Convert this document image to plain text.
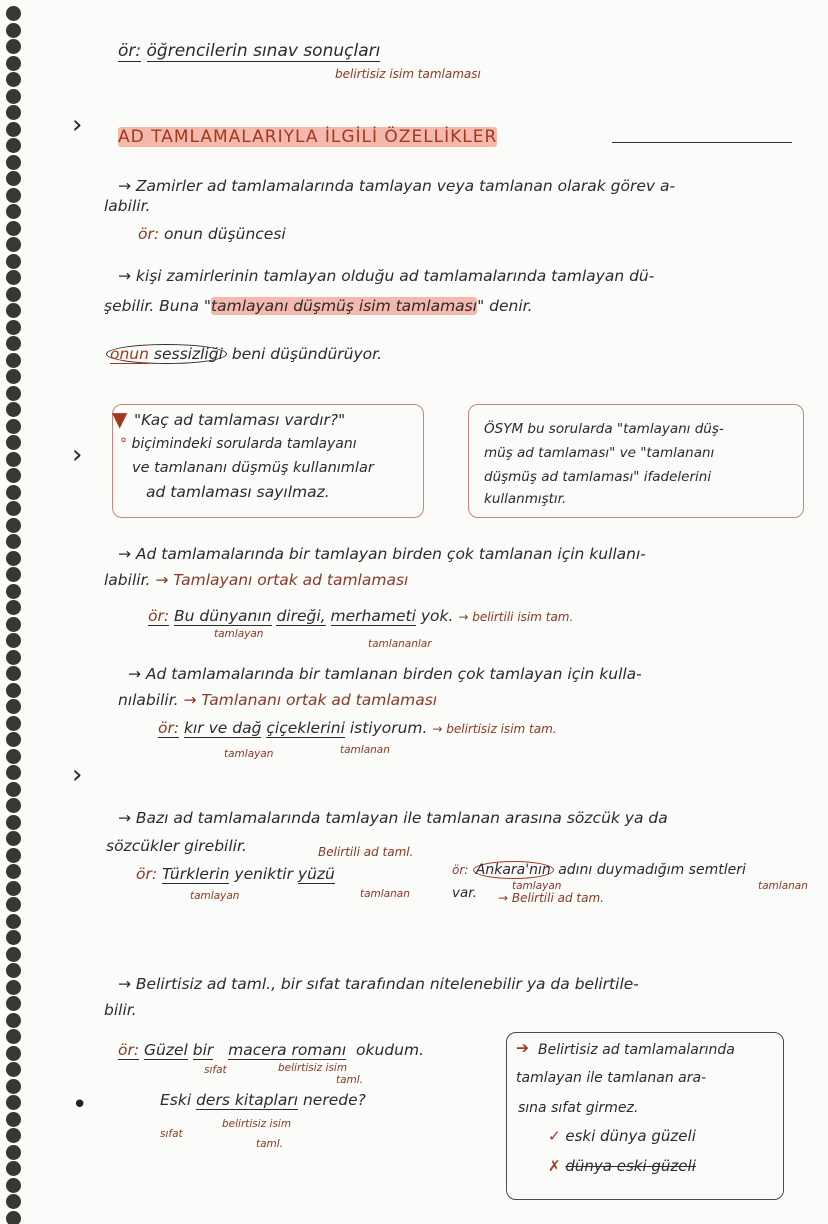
›
›
›
•
ör: öğrencilerin sınav sonuçları
belirtisiz isim tamlaması
AD TAMLAMALARIYLA İLGİLİ ÖZELLİKLER
→ Zamirler ad tamlamalarında tamlayan veya tamlanan olarak görev a-
labilir.
ör: onun düşüncesi
→ kişi zamirlerinin tamlayan olduğu ad tamlamalarında tamlayan dü-
şebilir. Buna "tamlayanı düşmüş isim tamlaması" denir.
onun sessizliği beni düşündürüyor.
▼ "Kaç ad tamlaması vardır?"
° biçimindeki sorularda tamlayanı
ve tamlananı düşmüş kullanımlar
ad tamlaması sayılmaz.
ÖSYM bu sorularda "tamlayanı düş-
müş ad tamlaması" ve "tamlananı
düşmüş ad tamlaması" ifadelerini
kullanmıştır.
→ Ad tamlamalarında bir tamlayan birden çok tamlanan için kullanı-
labilir. → Tamlayanı ortak ad tamlaması
ör: Bu dünyanın direği, merhameti yok. → belirtili isim tam.
tamlayan
tamlananlar
→ Ad tamlamalarında bir tamlanan birden çok tamlayan için kulla-
nılabilir. → Tamlananı ortak ad tamlaması
ör: kır ve dağ çiçeklerini istiyorum. → belirtisiz isim tam.
tamlayan	tamlanan
→ Bazı ad tamlamalarında tamlayan ile tamlanan arasına sözcük ya da
sözcükler girebilir.	Belirtili ad taml.
ör: Türklerin yeniktir yüzü
tamlayan	tamlanan
ör: Ankara'nın adını duymadığım semtleri
var.	tamlayan
→ Belirtili ad tam.
tamlanan
→ Belirtisiz ad taml., bir sıfat tarafından nitelenebilir ya da belirtile-
bilir.
ör: Güzel bir macera romanı okudum.
sıfat	belirtisiz isim
taml.
Eski ders kitapları nerede?
sıfat
belirtisiz isim
taml.
➔ Belirtisiz ad tamlamalarında
tamlayan ile tamlanan ara-
sına sıfat girmez.
✓ eski dünya güzeli
✗ dünya eski güzeli
